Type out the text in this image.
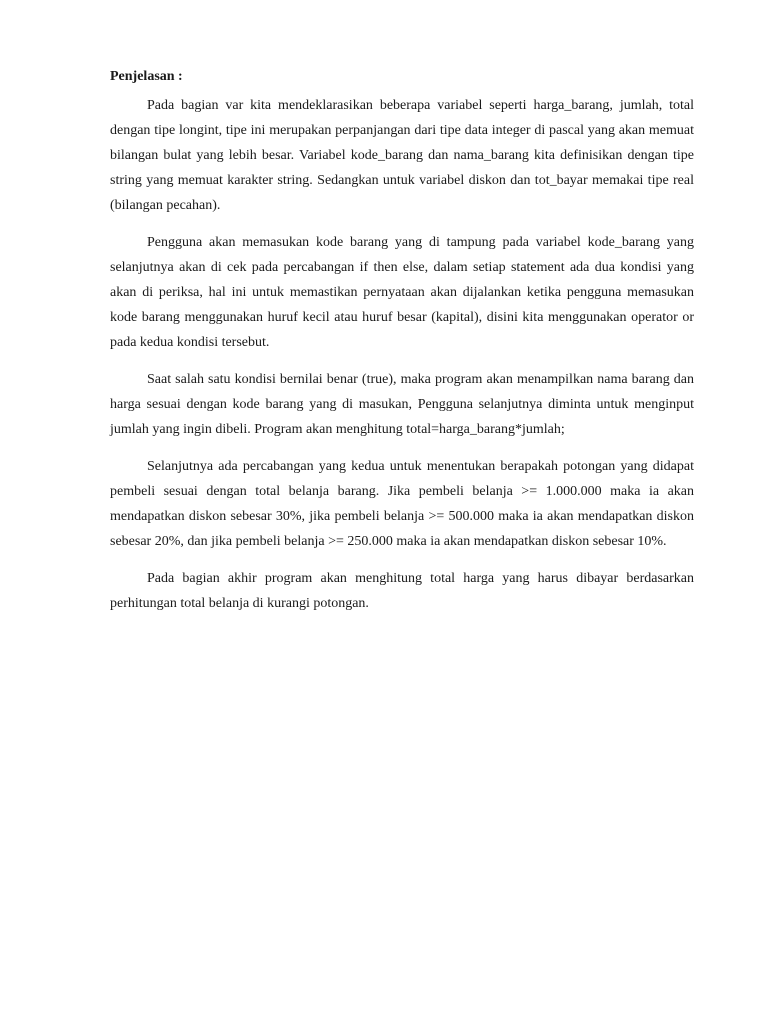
Penjelasan :

Pada bagian var kita mendeklarasikan beberapa variabel seperti harga_barang, jumlah, total dengan tipe longint, tipe ini merupakan perpanjangan dari tipe data integer di pascal yang akan memuat bilangan bulat yang lebih besar. Variabel kode_barang dan nama_barang kita definisikan dengan tipe string yang memuat karakter string. Sedangkan untuk variabel diskon dan tot_bayar memakai tipe real (bilangan pecahan).

Pengguna akan memasukan kode barang yang di tampung pada variabel kode_barang yang selanjutnya akan di cek pada percabangan if then else, dalam setiap statement ada dua kondisi yang akan di periksa, hal ini untuk memastikan pernyataan akan dijalankan ketika pengguna memasukan kode barang menggunakan huruf kecil atau huruf besar (kapital), disini kita menggunakan operator or pada kedua kondisi tersebut.

Saat salah satu kondisi bernilai benar (true), maka program akan menampilkan nama barang dan harga sesuai dengan kode barang yang di masukan, Pengguna selanjutnya diminta untuk menginput jumlah yang ingin dibeli. Program akan menghitung total=harga_barang*jumlah;

Selanjutnya ada percabangan yang kedua untuk menentukan berapakah potongan yang didapat pembeli sesuai dengan total belanja barang. Jika pembeli belanja >= 1.000.000 maka ia akan mendapatkan diskon sebesar 30%, jika pembeli belanja >= 500.000 maka ia akan mendapatkan diskon sebesar 20%, dan jika pembeli belanja >= 250.000 maka ia akan mendapatkan diskon sebesar 10%.

Pada bagian akhir program akan menghitung total harga yang harus dibayar berdasarkan perhitungan total belanja di kurangi potongan.
